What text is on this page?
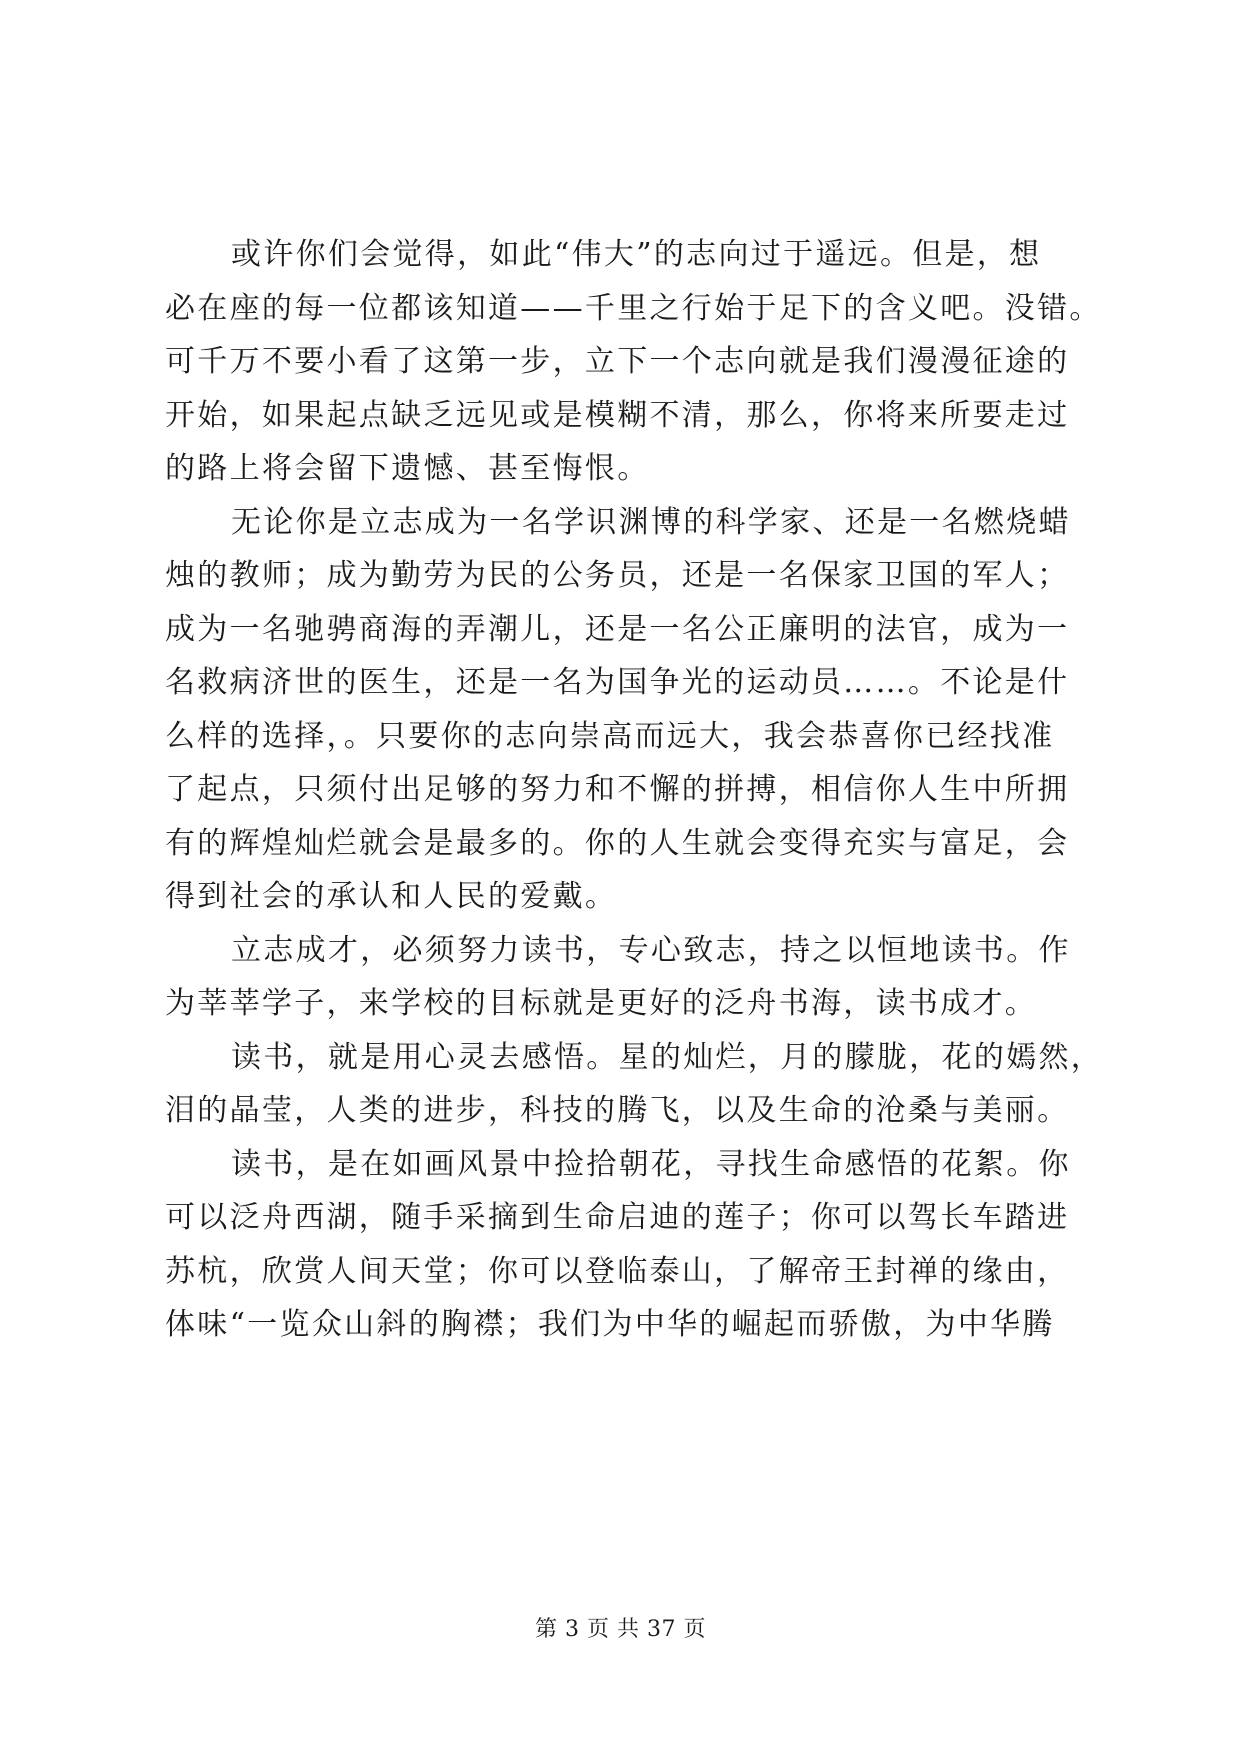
或许你们会觉得，如此“伟大”的志向过于遥远。但是，想
必在座的每一位都该知道——千里之行始于足下的含义吧。没错。
可千万不要小看了这第一步，立下一个志向就是我们漫漫征途的
开始，如果起点缺乏远见或是模糊不清，那么，你将来所要走过
的路上将会留下遗憾、甚至悔恨。
无论你是立志成为一名学识渊博的科学家、还是一名燃烧蜡
烛的教师；成为勤劳为民的公务员，还是一名保家卫国的军人；
成为一名驰骋商海的弄潮儿，还是一名公正廉明的法官，成为一
名救病济世的医生，还是一名为国争光的运动员……。不论是什
么样的选择，。只要你的志向崇高而远大，我会恭喜你已经找准
了起点，只须付出足够的努力和不懈的拼搏，相信你人生中所拥
有的辉煌灿烂就会是最多的。你的人生就会变得充实与富足，会
得到社会的承认和人民的爱戴。
立志成才，必须努力读书，专心致志，持之以恒地读书。作
为莘莘学子，来学校的目标就是更好的泛舟书海，读书成才。
读书，就是用心灵去感悟。星的灿烂，月的朦胧，花的嫣然，
泪的晶莹，人类的进步，科技的腾飞，以及生命的沧桑与美丽。
读书，是在如画风景中捡拾朝花，寻找生命感悟的花絮。你
可以泛舟西湖，随手采摘到生命启迪的莲子；你可以驾长车踏进
苏杭，欣赏人间天堂；你可以登临泰山，了解帝王封禅的缘由，
体味“一览众山斜的胸襟；我们为中华的崛起而骄傲，为中华腾
第 3 页 共 37 页
